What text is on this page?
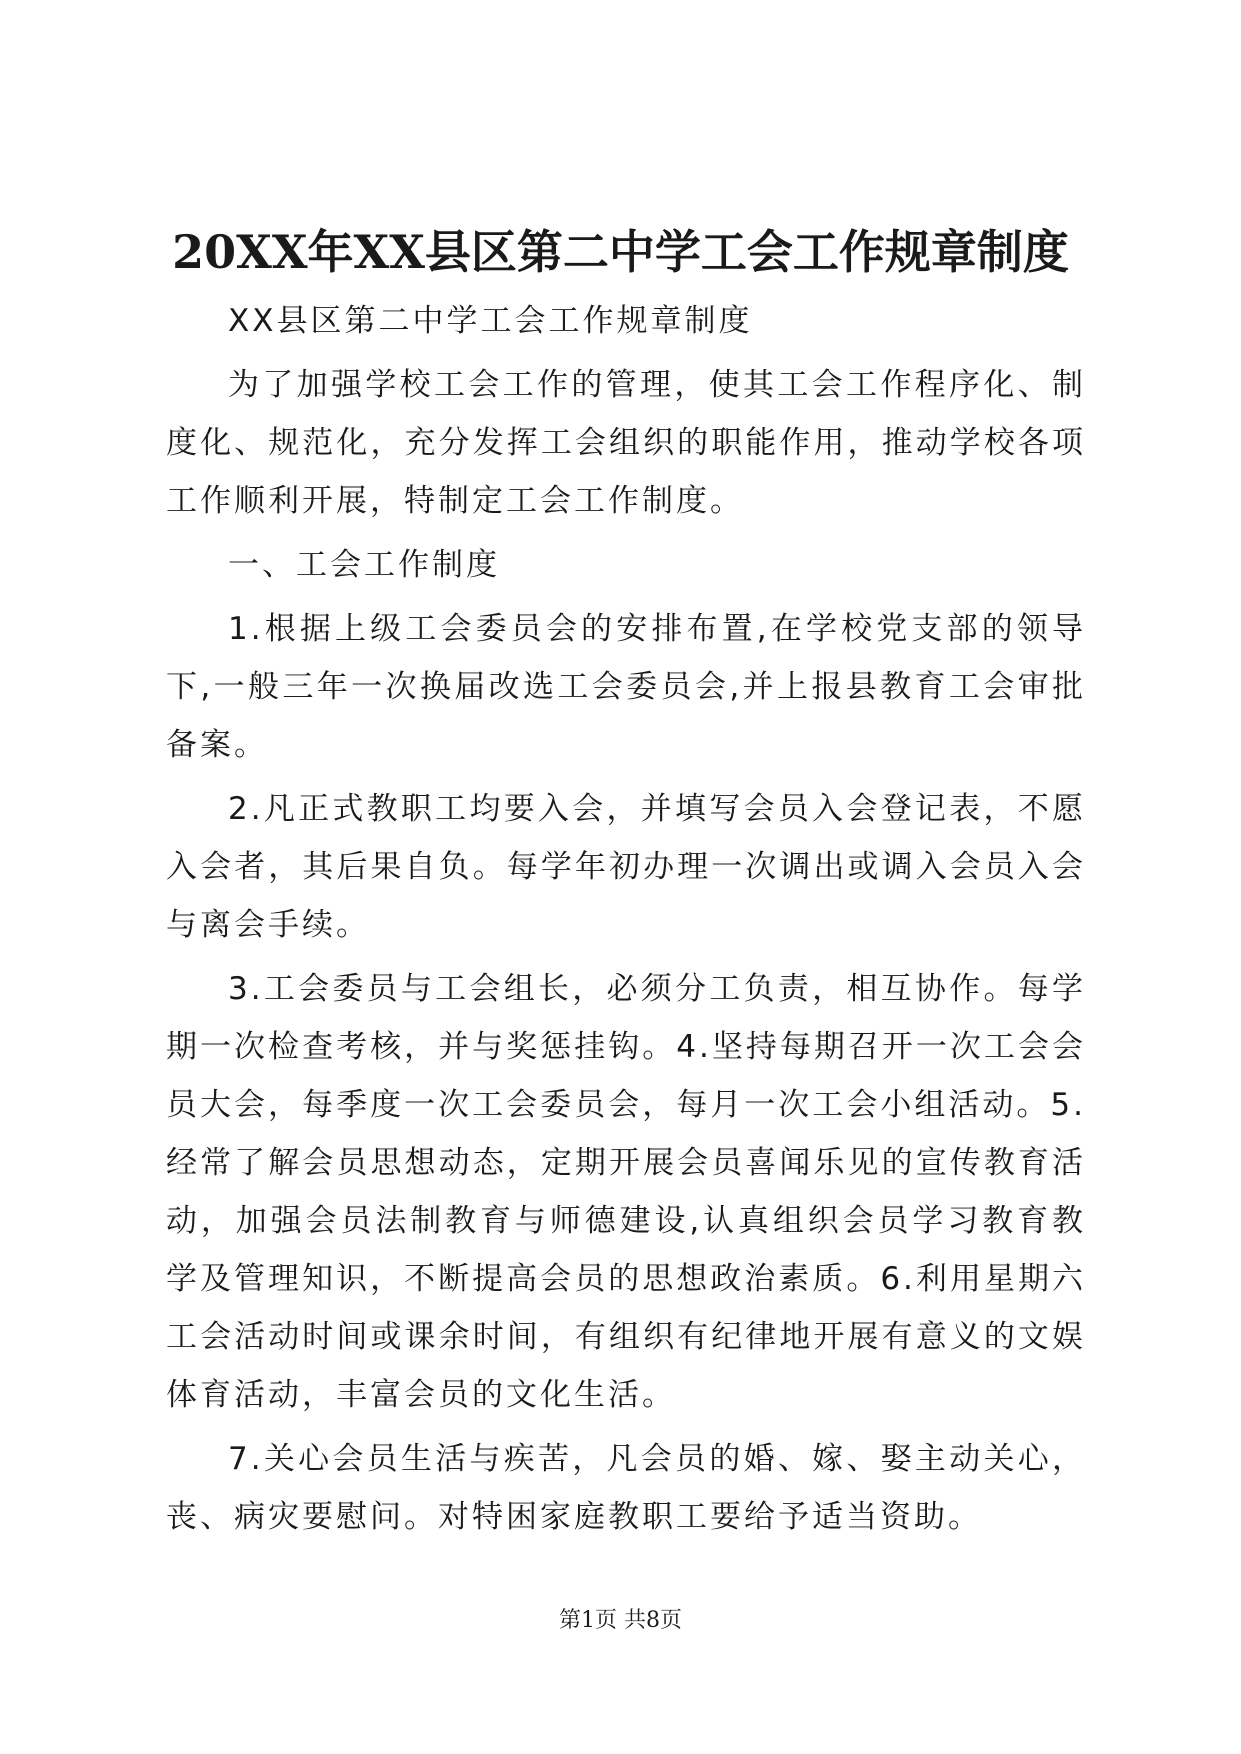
20XX年XX县区第二中学工会工作规章制度

XX县区第二中学工会工作规章制度

为了加强学校工会工作的管理，使其工会工作程序化、制度化、规范化，充分发挥工会组织的职能作用，推动学校各项工作顺利开展，特制定工会工作制度。

一、工会工作制度

1.根据上级工会委员会的安排布置,在学校党支部的领导下,一般三年一次换届改选工会委员会,并上报县教育工会审批备案。

2.凡正式教职工均要入会，并填写会员入会登记表，不愿入会者，其后果自负。每学年初办理一次调出或调入会员入会与离会手续。

3.工会委员与工会组长，必须分工负责，相互协作。每学期一次检查考核，并与奖惩挂钩。4.坚持每期召开一次工会会员大会，每季度一次工会委员会，每月一次工会小组活动。5.经常了解会员思想动态，定期开展会员喜闻乐见的宣传教育活动，加强会员法制教育与师德建设,认真组织会员学习教育教学及管理知识，不断提高会员的思想政治素质。6.利用星期六工会活动时间或课余时间，有组织有纪律地开展有意义的文娱体育活动，丰富会员的文化生活。

7.关心会员生活与疾苦，凡会员的婚、嫁、娶主动关心，丧、病灾要慰问。对特困家庭教职工要给予适当资助。

第1页 共8页
